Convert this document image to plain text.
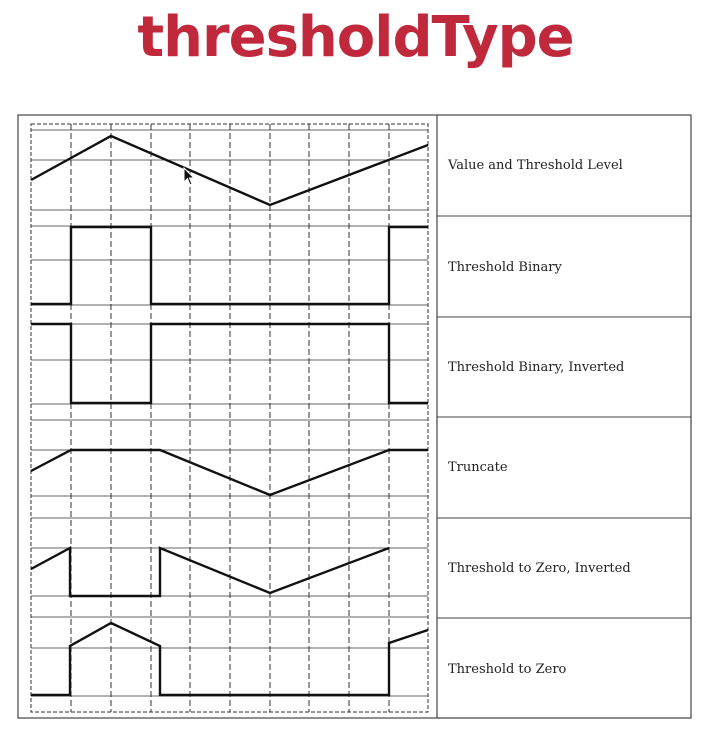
thresholdType
Value and Threshold Level
Threshold Binary
Threshold Binary, Inverted
Truncate
Threshold to Zero, Inverted
Threshold to Zero
